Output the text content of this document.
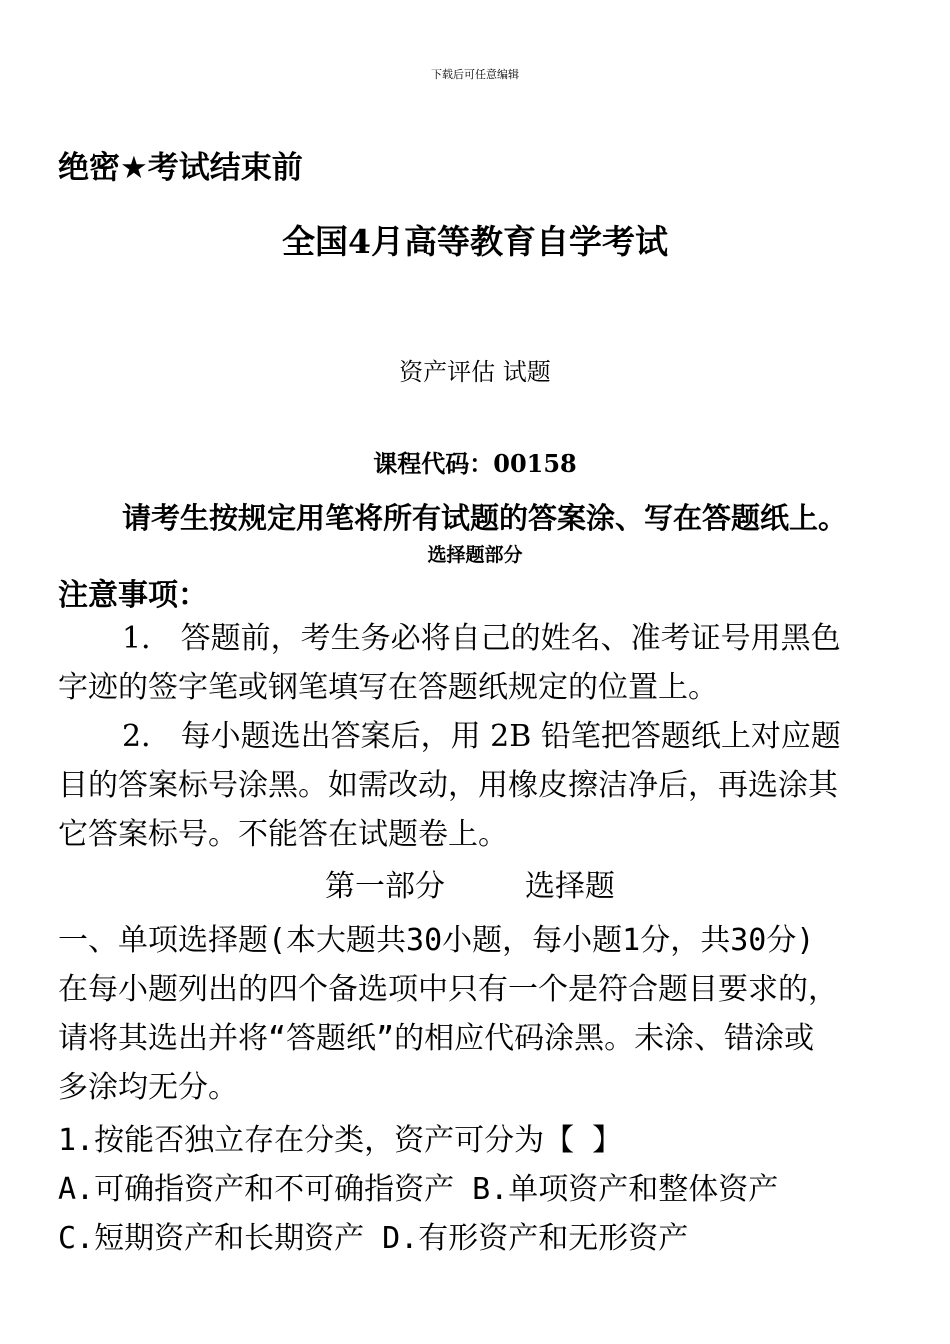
下载后可任意编辑
绝密★考试结束前
全国4月高等教育自学考试
资产评估 试题
课程代码：00158
请考生按规定用笔将所有试题的答案涂、写在答题纸上。
选择题部分
注意事项：
1． 答题前，考生务必将自己的姓名、准考证号用黑色
字迹的签字笔或钢笔填写在答题纸规定的位置上。
2． 每小题选出答案后，用 2B 铅笔把答题纸上对应题
目的答案标号涂黑。如需改动，用橡皮擦洁净后，再选涂其
它答案标号。不能答在试题卷上。
第一部分	选择题
一、单项选择题(本大题共30小题，每小题1分，共30分)
在每小题列出的四个备选项中只有一个是符合题目要求的，
请将其选出并将“答题纸”的相应代码涂黑。未涂、错涂或
多涂均无分。
1.按能否独立存在分类，资产可分为【 】
A.可确指资产和不可确指资产 B.单项资产和整体资产
C.短期资产和长期资产 D.有形资产和无形资产
